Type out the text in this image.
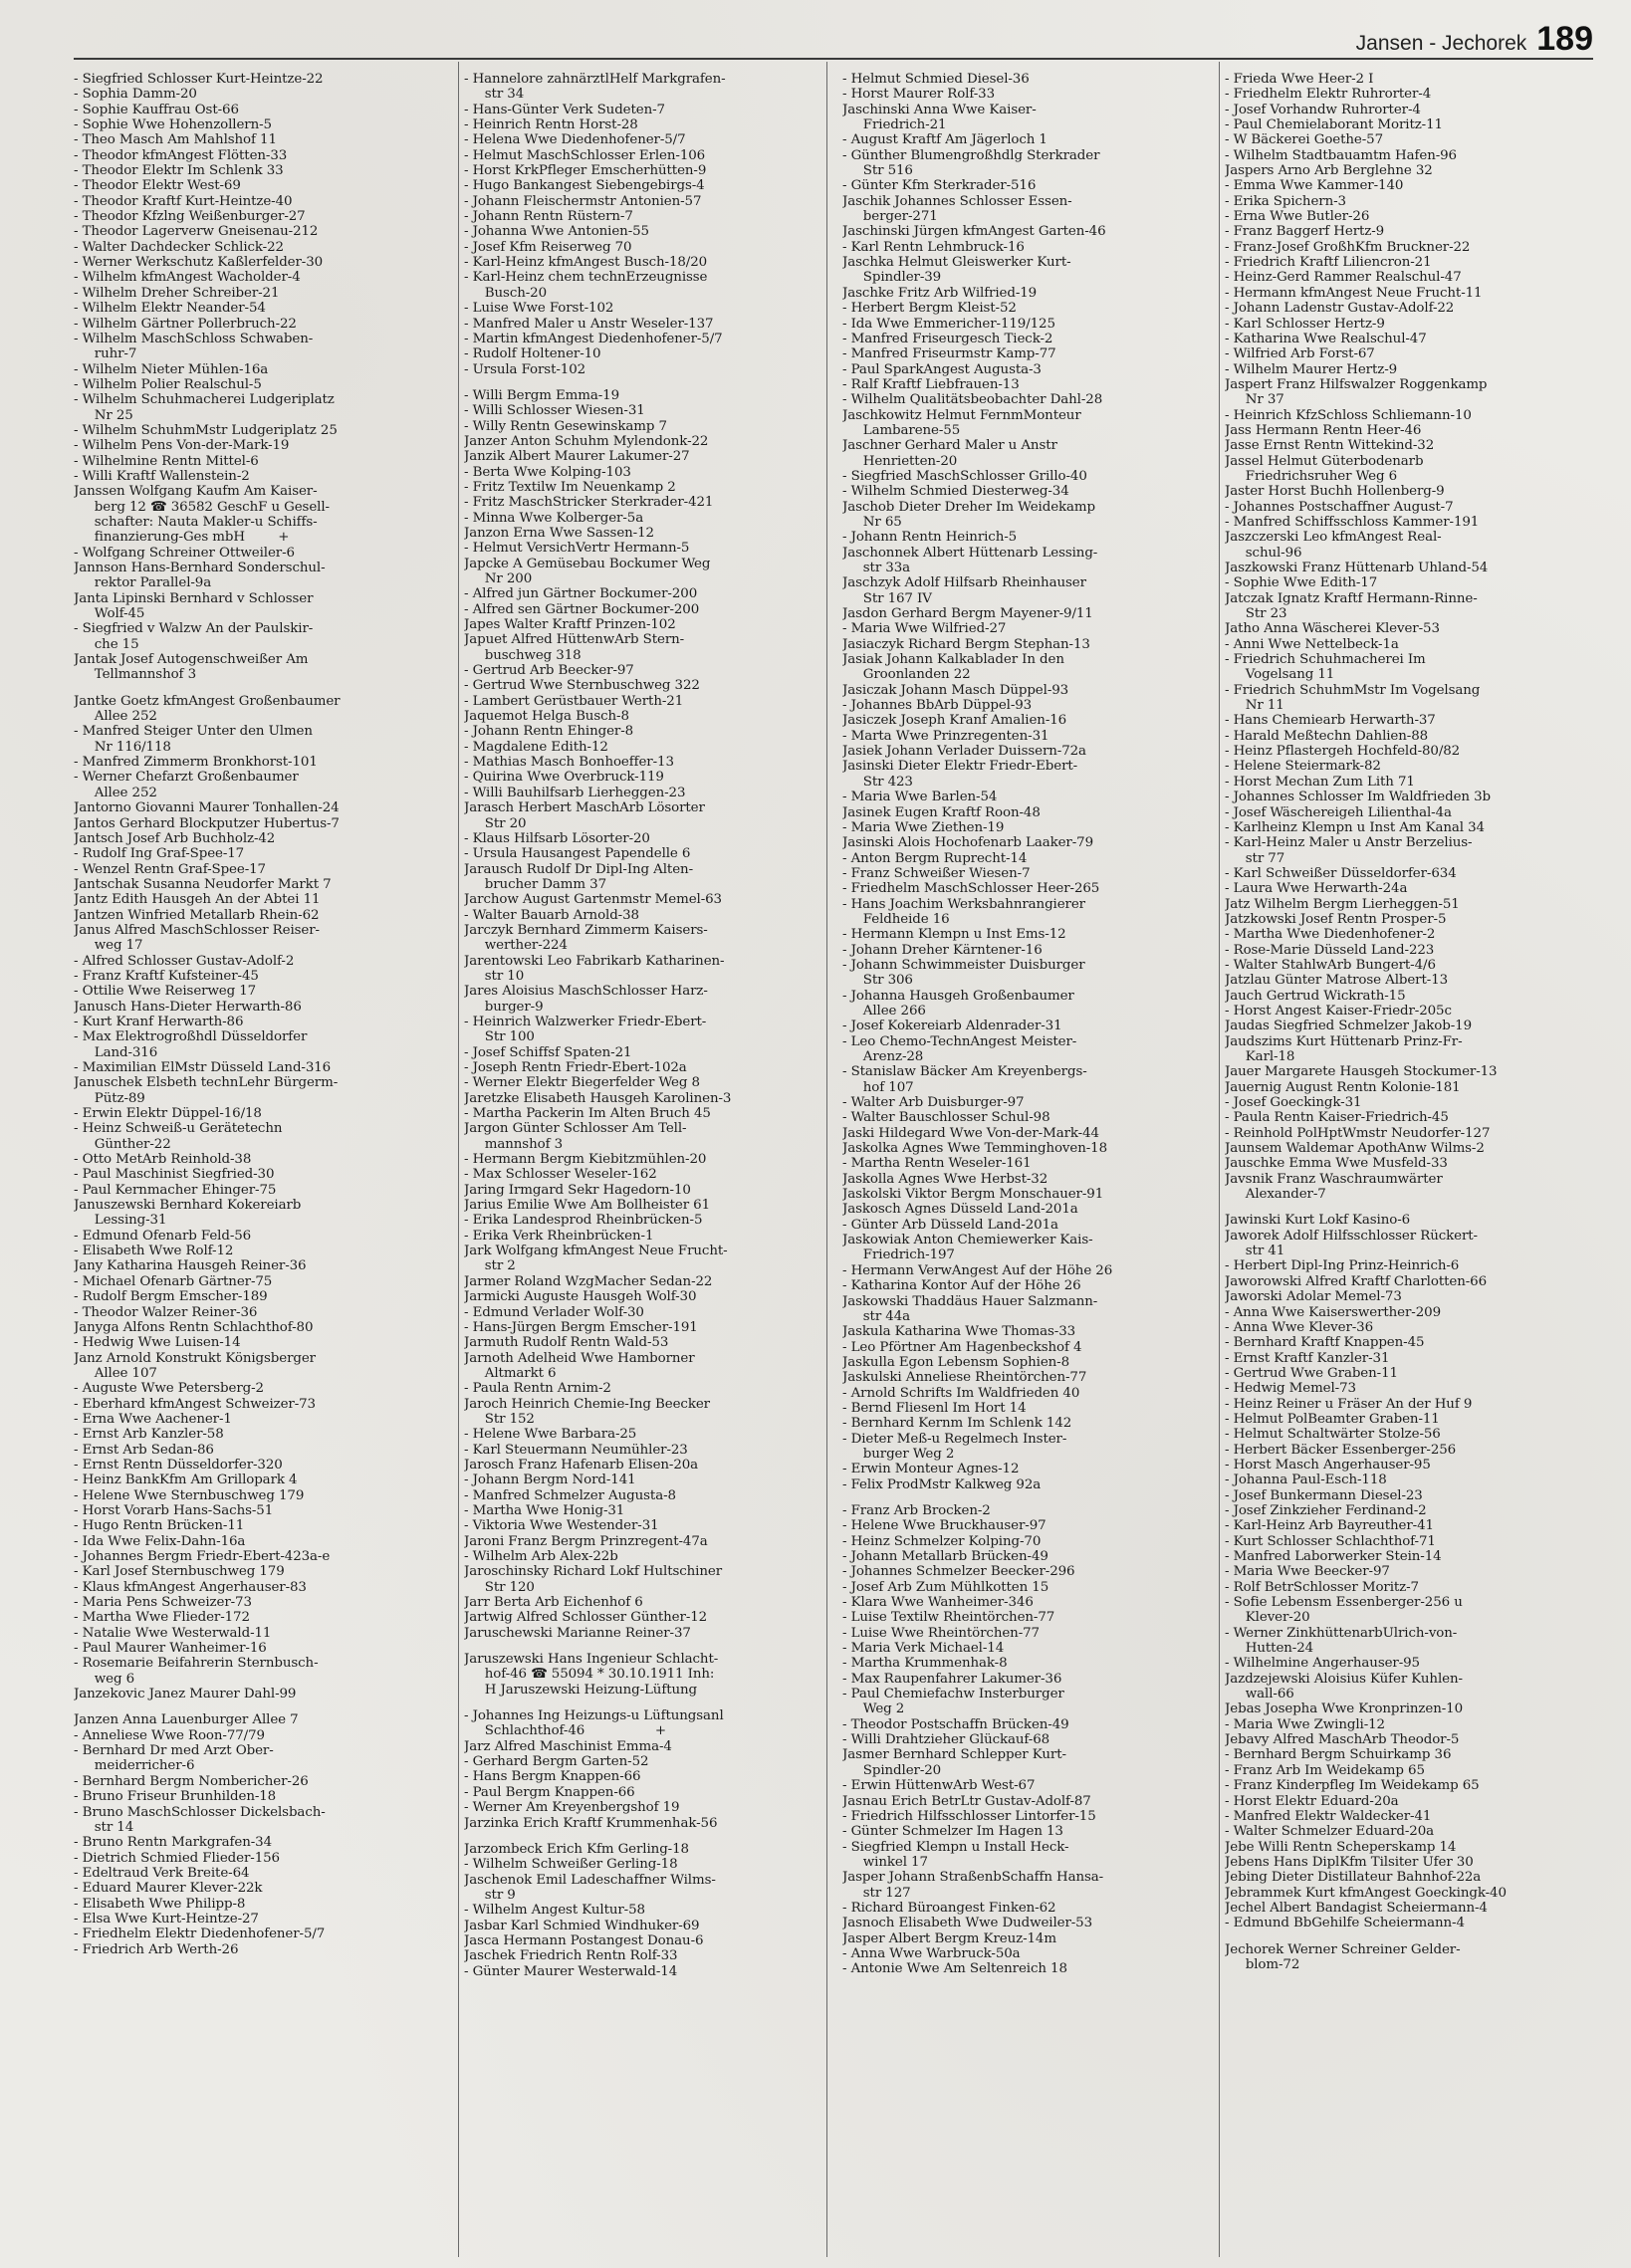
Jansen - Jechorek 189
- Siegfried Schlosser Kurt-Heintze-22
- Sophia Damm-20
- Sophie Kauffrau Ost-66
- Sophie Wwe Hohenzollern-5
- Theo Masch Am Mahlshof 11
- Theodor kfmAngest Flötten-33
- Theodor Elektr Im Schlenk 33
- Theodor Elektr West-69
- Theodor Kraftf Kurt-Heintze-40
- Theodor Kfzlng Weißenburger-27
- Theodor Lagerverw Gneisenau-212
- Walter Dachdecker Schlick-22
- Werner Werkschutz Kaßlerfelder-30
- Wilhelm kfmAngest Wacholder-4
- Wilhelm Dreher Schreiber-21
- Wilhelm Elektr Neander-54
- Wilhelm Gärtner Pollerbruch-22
- Wilhelm MaschSchloss Schwaben-
ruhr-7
- Wilhelm Nieter Mühlen-16a
- Wilhelm Polier Realschul-5
- Wilhelm Schuhmacherei Ludgeriplatz
Nr 25
- Wilhelm SchuhmMstr Ludgeriplatz 25
- Wilhelm Pens Von-der-Mark-19
- Wilhelmine Rentn Mittel-6
- Willi Kraftf Wallenstein-2
Janssen Wolfgang Kaufm Am Kaiser-
berg 12 ☎ 36582 GeschF u Gesell-
schafter: Nauta Makler-u Schiffs-
finanzierung-Ges mbH        +
- Wolfgang Schreiner Ottweiler-6
Jannson Hans-Bernhard Sonderschul-
rektor Parallel-9a
Janta Lipinski Bernhard v Schlosser
Wolf-45
- Siegfried v Walzw An der Paulskir-
che 15
Jantak Josef Autogenschweißer Am
Tellmannshof 3
Jantke Goetz kfmAngest Großenbaumer
Allee 252
- Manfred Steiger Unter den Ulmen
Nr 116/118
- Manfred Zimmerm Bronkhorst-101
- Werner Chefarzt Großenbaumer
Allee 252
Jantorno Giovanni Maurer Tonhallen-24
Jantos Gerhard Blockputzer Hubertus-7
Jantsch Josef Arb Buchholz-42
- Rudolf Ing Graf-Spee-17
- Wenzel Rentn Graf-Spee-17
Jantschak Susanna Neudorfer Markt 7
Jantz Edith Hausgeh An der Abtei 11
Jantzen Winfried Metallarb Rhein-62
Janus Alfred MaschSchlosser Reiser-
weg 17
- Alfred Schlosser Gustav-Adolf-2
- Franz Kraftf Kufsteiner-45
- Ottilie Wwe Reiserweg 17
Janusch Hans-Dieter Herwarth-86
- Kurt Kranf Herwarth-86
- Max Elektrogroßhdl Düsseldorfer
Land-316
- Maximilian ElMstr Düsseld Land-316
Januschek Elsbeth technLehr Bürgerm-
Pütz-89
- Erwin Elektr Düppel-16/18
- Heinz Schweiß-u Gerätetechn
Günther-22
- Otto MetArb Reinhold-38
- Paul Maschinist Siegfried-30
- Paul Kernmacher Ehinger-75
Januszewski Bernhard Kokereiarb
Lessing-31
- Edmund Ofenarb Feld-56
- Elisabeth Wwe Rolf-12
Jany Katharina Hausgeh Reiner-36
- Michael Ofenarb Gärtner-75
- Rudolf Bergm Emscher-189
- Theodor Walzer Reiner-36
Janyga Alfons Rentn Schlachthof-80
- Hedwig Wwe Luisen-14
Janz Arnold Konstrukt Königsberger
Allee 107
- Auguste Wwe Petersberg-2
- Eberhard kfmAngest Schweizer-73
- Erna Wwe Aachener-1
- Ernst Arb Kanzler-58
- Ernst Arb Sedan-86
- Ernst Rentn Düsseldorfer-320
- Heinz BankKfm Am Grillopark 4
- Helene Wwe Sternbuschweg 179
- Horst Vorarb Hans-Sachs-51
- Hugo Rentn Brücken-11
- Ida Wwe Felix-Dahn-16a
- Johannes Bergm Friedr-Ebert-423a-e
- Karl Josef Sternbuschweg 179
- Klaus kfmAngest Angerhauser-83
- Maria Pens Schweizer-73
- Martha Wwe Flieder-172
- Natalie Wwe Westerwald-11
- Paul Maurer Wanheimer-16
- Rosemarie Beifahrerin Sternbusch-
weg 6
Janzekovic Janez Maurer Dahl-99
Janzen Anna Lauenburger Allee 7
- Anneliese Wwe Roon-77/79
- Bernhard Dr med Arzt Ober-
meiderricher-6
- Bernhard Bergm Nombericher-26
- Bruno Friseur Brunhilden-18
- Bruno MaschSchlosser Dickelsbach-
str 14
- Bruno Rentn Markgrafen-34
- Dietrich Schmied Flieder-156
- Edeltraud Verk Breite-64
- Eduard Maurer Klever-22k
- Elisabeth Wwe Philipp-8
- Elsa Wwe Kurt-Heintze-27
- Friedhelm Elektr Diedenhofener-5/7
- Friedrich Arb Werth-26
- Hannelore zahnärztlHelf Markgrafen-
str 34
- Hans-Günter Verk Sudeten-7
- Heinrich Rentn Horst-28
- Helena Wwe Diedenhofener-5/7
- Helmut MaschSchlosser Erlen-106
- Horst KrkPfleger Emscherhütten-9
- Hugo Bankangest Siebengebirgs-4
- Johann Fleischermstr Antonien-57
- Johann Rentn Rüstern-7
- Johanna Wwe Antonien-55
- Josef Kfm Reiserweg 70
- Karl-Heinz kfmAngest Busch-18/20
- Karl-Heinz chem technErzeugnisse
Busch-20
- Luise Wwe Forst-102
- Manfred Maler u Anstr Weseler-137
- Martin kfmAngest Diedenhofener-5/7
- Rudolf Holtener-10
- Ursula Forst-102
- Willi Bergm Emma-19
- Willi Schlosser Wiesen-31
- Willy Rentn Gesewinskamp 7
Janzer Anton Schuhm Mylendonk-22
Janzik Albert Maurer Lakumer-27
- Berta Wwe Kolping-103
- Fritz Textilw Im Neuenkamp 2
- Fritz MaschStricker Sterkrader-421
- Minna Wwe Kolberger-5a
Janzon Erna Wwe Sassen-12
- Helmut VersichVertr Hermann-5
Japcke A Gemüsebau Bockumer Weg
Nr 200
- Alfred jun Gärtner Bockumer-200
- Alfred sen Gärtner Bockumer-200
Japes Walter Kraftf Prinzen-102
Japuet Alfred HüttenwArb Stern-
buschweg 318
- Gertrud Arb Beecker-97
- Gertrud Wwe Sternbuschweg 322
- Lambert Gerüstbauer Werth-21
Jaquemot Helga Busch-8
- Johann Rentn Ehinger-8
- Magdalene Edith-12
- Mathias Masch Bonhoeffer-13
- Quirina Wwe Overbruck-119
- Willi Bauhilfsarb Lierheggen-23
Jarasch Herbert MaschArb Lösorter
Str 20
- Klaus Hilfsarb Lösorter-20
- Ursula Hausangest Papendelle 6
Jarausch Rudolf Dr Dipl-Ing Alten-
brucher Damm 37
Jarchow August Gartenmstr Memel-63
- Walter Bauarb Arnold-38
Jarczyk Bernhard Zimmerm Kaisers-
werther-224
Jarentowski Leo Fabrikarb Katharinen-
str 10
Jares Aloisius MaschSchlosser Harz-
burger-9
- Heinrich Walzwerker Friedr-Ebert-
Str 100
- Josef Schiffsf Spaten-21
- Joseph Rentn Friedr-Ebert-102a
- Werner Elektr Biegerfelder Weg 8
Jaretzke Elisabeth Hausgeh Karolinen-3
- Martha Packerin Im Alten Bruch 45
Jargon Günter Schlosser Am Tell-
mannshof 3
- Hermann Bergm Kiebitzmühlen-20
- Max Schlosser Weseler-162
Jaring Irmgard Sekr Hagedorn-10
Jarius Emilie Wwe Am Bollheister 61
- Erika Landesprod Rheinbrücken-5
- Erika Verk Rheinbrücken-1
Jark Wolfgang kfmAngest Neue Frucht-
str 2
Jarmer Roland WzgMacher Sedan-22
Jarmicki Auguste Hausgeh Wolf-30
- Edmund Verlader Wolf-30
- Hans-Jürgen Bergm Emscher-191
Jarmuth Rudolf Rentn Wald-53
Jarnoth Adelheid Wwe Hamborner
Altmarkt 6
- Paula Rentn Arnim-2
Jaroch Heinrich Chemie-Ing Beecker
Str 152
- Helene Wwe Barbara-25
- Karl Steuermann Neumühler-23
Jarosch Franz Hafenarb Elisen-20a
- Johann Bergm Nord-141
- Manfred Schmelzer Augusta-8
- Martha Wwe Honig-31
- Viktoria Wwe Westender-31
Jaroni Franz Bergm Prinzregent-47a
- Wilhelm Arb Alex-22b
Jaroschinsky Richard Lokf Hultschiner
Str 120
Jarr Berta Arb Eichenhof 6
Jartwig Alfred Schlosser Günther-12
Jaruschewski Marianne Reiner-37
Jaruszewski Hans Ingenieur Schlacht-
hof-46 ☎ 55094 * 30.10.1911 Inh:
H Jaruszewski Heizung-Lüftung
- Johannes Ing Heizungs-u Lüftungsanl
Schlachthof-46                 +
Jarz Alfred Maschinist Emma-4
- Gerhard Bergm Garten-52
- Hans Bergm Knappen-66
- Paul Bergm Knappen-66
- Werner Am Kreyenbergshof 19
Jarzinka Erich Kraftf Krummenhak-56
Jarzombeck Erich Kfm Gerling-18
- Wilhelm Schweißer Gerling-18
Jaschenok Emil Ladeschaffner Wilms-
str 9
- Wilhelm Angest Kultur-58
Jasbar Karl Schmied Windhuker-69
Jasca Hermann Postangest Donau-6
Jaschek Friedrich Rentn Rolf-33
- Günter Maurer Westerwald-14
- Helmut Schmied Diesel-36
- Horst Maurer Rolf-33
Jaschinski Anna Wwe Kaiser-
Friedrich-21
- August Kraftf Am Jägerloch 1
- Günther Blumengroßhdlg Sterkrader
Str 516
- Günter Kfm Sterkrader-516
Jaschik Johannes Schlosser Essen-
berger-271
Jaschinski Jürgen kfmAngest Garten-46
- Karl Rentn Lehmbruck-16
Jaschka Helmut Gleiswerker Kurt-
Spindler-39
Jaschke Fritz Arb Wilfried-19
- Herbert Bergm Kleist-52
- Ida Wwe Emmericher-119/125
- Manfred Friseurgesch Tieck-2
- Manfred Friseurmstr Kamp-77
- Paul SparkAngest Augusta-3
- Ralf Kraftf Liebfrauen-13
- Wilhelm Qualitätsbeobachter Dahl-28
Jaschkowitz Helmut FernmMonteur
Lambarene-55
Jaschner Gerhard Maler u Anstr
Henrietten-20
- Siegfried MaschSchlosser Grillo-40
- Wilhelm Schmied Diesterweg-34
Jaschob Dieter Dreher Im Weidekamp
Nr 65
- Johann Rentn Heinrich-5
Jaschonnek Albert Hüttenarb Lessing-
str 33a
Jaschzyk Adolf Hilfsarb Rheinhauser
Str 167 IV
Jasdon Gerhard Bergm Mayener-9/11
- Maria Wwe Wilfried-27
Jasiaczyk Richard Bergm Stephan-13
Jasiak Johann Kalkablader In den
Groonlanden 22
Jasiczak Johann Masch Düppel-93
- Johannes BbArb Düppel-93
Jasiczek Joseph Kranf Amalien-16
- Marta Wwe Prinzregenten-31
Jasiek Johann Verlader Duissern-72a
Jasinski Dieter Elektr Friedr-Ebert-
Str 423
- Maria Wwe Barlen-54
Jasinek Eugen Kraftf Roon-48
- Maria Wwe Ziethen-19
Jasinski Alois Hochofenarb Laaker-79
- Anton Bergm Ruprecht-14
- Franz Schweißer Wiesen-7
- Friedhelm MaschSchlosser Heer-265
- Hans Joachim Werksbahnrangierer
Feldheide 16
- Hermann Klempn u Inst Ems-12
- Johann Dreher Kärntener-16
- Johann Schwimmeister Duisburger
Str 306
- Johanna Hausgeh Großenbaumer
Allee 266
- Josef Kokereiarb Aldenrader-31
- Leo Chemo-TechnAngest Meister-
Arenz-28
- Stanislaw Bäcker Am Kreyenbergs-
hof 107
- Walter Arb Duisburger-97
- Walter Bauschlosser Schul-98
Jaski Hildegard Wwe Von-der-Mark-44
Jaskolka Agnes Wwe Temminghoven-18
- Martha Rentn Weseler-161
Jaskolla Agnes Wwe Herbst-32
Jaskolski Viktor Bergm Monschauer-91
Jaskosch Agnes Düsseld Land-201a
- Günter Arb Düsseld Land-201a
Jaskowiak Anton Chemiewerker Kais-
Friedrich-197
- Hermann VerwAngest Auf der Höhe 26
- Katharina Kontor Auf der Höhe 26
Jaskowski Thaddäus Hauer Salzmann-
str 44a
Jaskula Katharina Wwe Thomas-33
- Leo Pförtner Am Hagenbeckshof 4
Jaskulla Egon Lebensm Sophien-8
Jaskulski Anneliese Rheintörchen-77
- Arnold Schrifts Im Waldfrieden 40
- Bernd Fliesenl Im Hort 14
- Bernhard Kernm Im Schlenk 142
- Dieter Meß-u Regelmech Inster-
burger Weg 2
- Erwin Monteur Agnes-12
- Felix ProdMstr Kalkweg 92a
- Franz Arb Brocken-2
- Helene Wwe Bruckhauser-97
- Heinz Schmelzer Kolping-70
- Johann Metallarb Brücken-49
- Johannes Schmelzer Beecker-296
- Josef Arb Zum Mühlkotten 15
- Klara Wwe Wanheimer-346
- Luise Textilw Rheintörchen-77
- Luise Wwe Rheintörchen-77
- Maria Verk Michael-14
- Martha Krummenhak-8
- Max Raupenfahrer Lakumer-36
- Paul Chemiefachw Insterburger
Weg 2
- Theodor Postschaffn Brücken-49
- Willi Drahtzieher Glückauf-68
Jasmer Bernhard Schlepper Kurt-
Spindler-20
- Erwin HüttenwArb West-67
Jasnau Erich BetrLtr Gustav-Adolf-87
- Friedrich Hilfsschlosser Lintorfer-15
- Günter Schmelzer Im Hagen 13
- Siegfried Klempn u Install Heck-
winkel 17
Jasper Johann StraßenbSchaffn Hansa-
str 127
- Richard Büroangest Finken-62
Jasnoch Elisabeth Wwe Dudweiler-53
Jasper Albert Bergm Kreuz-14m
- Anna Wwe Warbruck-50a
- Antonie Wwe Am Seltenreich 18
- Frieda Wwe Heer-2 I
- Friedhelm Elektr Ruhrorter-4
- Josef Vorhandw Ruhrorter-4
- Paul Chemielaborant Moritz-11
- W Bäckerei Goethe-57
- Wilhelm Stadtbauamtm Hafen-96
Jaspers Arno Arb Berglehne 32
- Emma Wwe Kammer-140
- Erika Spichern-3
- Erna Wwe Butler-26
- Franz Baggerf Hertz-9
- Franz-Josef GroßhKfm Bruckner-22
- Friedrich Kraftf Liliencron-21
- Heinz-Gerd Rammer Realschul-47
- Hermann kfmAngest Neue Frucht-11
- Johann Ladenstr Gustav-Adolf-22
- Karl Schlosser Hertz-9
- Katharina Wwe Realschul-47
- Wilfried Arb Forst-67
- Wilhelm Maurer Hertz-9
Jaspert Franz Hilfswalzer Roggenkamp
Nr 37
- Heinrich KfzSchloss Schliemann-10
Jass Hermann Rentn Heer-46
Jasse Ernst Rentn Wittekind-32
Jassel Helmut Güterbodenarb
Friedrichsruher Weg 6
Jaster Horst Buchh Hollenberg-9
- Johannes Postschaffner August-7
- Manfred Schiffsschloss Kammer-191
Jaszczerski Leo kfmAngest Real-
schul-96
Jaszkowski Franz Hüttenarb Uhland-54
- Sophie Wwe Edith-17
Jatczak Ignatz Kraftf Hermann-Rinne-
Str 23
Jatho Anna Wäscherei Klever-53
- Anni Wwe Nettelbeck-1a
- Friedrich Schuhmacherei Im
Vogelsang 11
- Friedrich SchuhmMstr Im Vogelsang
Nr 11
- Hans Chemiearb Herwarth-37
- Harald Meßtechn Dahlien-88
- Heinz Pflastergeh Hochfeld-80/82
- Helene Steiermark-82
- Horst Mechan Zum Lith 71
- Johannes Schlosser Im Waldfrieden 3b
- Josef Wäschereigeh Lilienthal-4a
- Karlheinz Klempn u Inst Am Kanal 34
- Karl-Heinz Maler u Anstr Berzelius-
str 77
- Karl Schweißer Düsseldorfer-634
- Laura Wwe Herwarth-24a
Jatz Wilhelm Bergm Lierheggen-51
Jatzkowski Josef Rentn Prosper-5
- Martha Wwe Diedenhofener-2
- Rose-Marie Düsseld Land-223
- Walter StahlwArb Bungert-4/6
Jatzlau Günter Matrose Albert-13
Jauch Gertrud Wickrath-15
- Horst Angest Kaiser-Friedr-205c
Jaudas Siegfried Schmelzer Jakob-19
Jaudszims Kurt Hüttenarb Prinz-Fr-
Karl-18
Jauer Margarete Hausgeh Stockumer-13
Jauernig August Rentn Kolonie-181
- Josef Goeckingk-31
- Paula Rentn Kaiser-Friedrich-45
- Reinhold PolHptWmstr Neudorfer-127
Jaunsem Waldemar ApothAnw Wilms-2
Jauschke Emma Wwe Musfeld-33
Javsnik Franz Waschraumwärter
Alexander-7
Jawinski Kurt Lokf Kasino-6
Jaworek Adolf Hilfsschlosser Rückert-
str 41
- Herbert Dipl-Ing Prinz-Heinrich-6
Jaworowski Alfred Kraftf Charlotten-66
Jaworski Adolar Memel-73
- Anna Wwe Kaiserswerther-209
- Anna Wwe Klever-36
- Bernhard Kraftf Knappen-45
- Ernst Kraftf Kanzler-31
- Gertrud Wwe Graben-11
- Hedwig Memel-73
- Heinz Reiner u Fräser An der Huf 9
- Helmut PolBeamter Graben-11
- Helmut Schaltwärter Stolze-56
- Herbert Bäcker Essenberger-256
- Horst Masch Angerhauser-95
- Johanna Paul-Esch-118
- Josef Bunkermann Diesel-23
- Josef Zinkzieher Ferdinand-2
- Karl-Heinz Arb Bayreuther-41
- Kurt Schlosser Schlachthof-71
- Manfred Laborwerker Stein-14
- Maria Wwe Beecker-97
- Rolf BetrSchlosser Moritz-7
- Sofie Lebensm Essenberger-256 u
Klever-20
- Werner ZinkhüttenarbUlrich-von-
Hutten-24
- Wilhelmine Angerhauser-95
Jazdzejewski Aloisius Küfer Kuhlen-
wall-66
Jebas Josepha Wwe Kronprinzen-10
- Maria Wwe Zwingli-12
Jebavy Alfred MaschArb Theodor-5
- Bernhard Bergm Schuirkamp 36
- Franz Arb Im Weidekamp 65
- Franz Kinderpfleg Im Weidekamp 65
- Horst Elektr Eduard-20a
- Manfred Elektr Waldecker-41
- Walter Schmelzer Eduard-20a
Jebe Willi Rentn Scheperskamp 14
Jebens Hans DiplKfm Tilsiter Ufer 30
Jebing Dieter Distillateur Bahnhof-22a
Jebrammek Kurt kfmAngest Goeckingk-40
Jechel Albert Bandagist Scheiermann-4
- Edmund BbGehilfe Scheiermann-4
Jechorek Werner Schreiner Gelder-
blom-72
